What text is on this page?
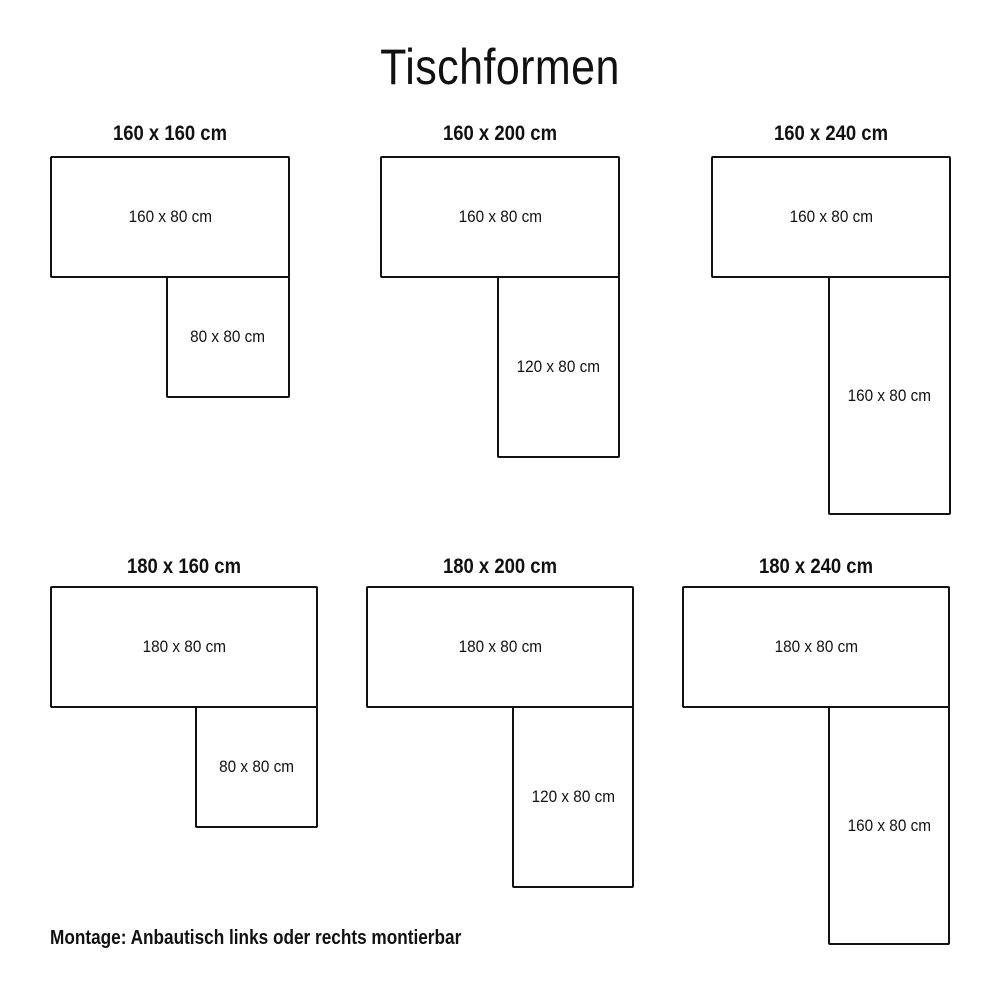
Tischformen
160 x 160 cm
160 x 80 cm
80 x 80 cm
160 x 200 cm
160 x 80 cm
120 x 80 cm
160 x 240 cm
160 x 80 cm
160 x 80 cm
180 x 160 cm
180 x 80 cm
80 x 80 cm
180 x 200 cm
180 x 80 cm
120 x 80 cm
180 x 240 cm
180 x 80 cm
160 x 80 cm
Montage: Anbautisch links oder rechts montierbar
